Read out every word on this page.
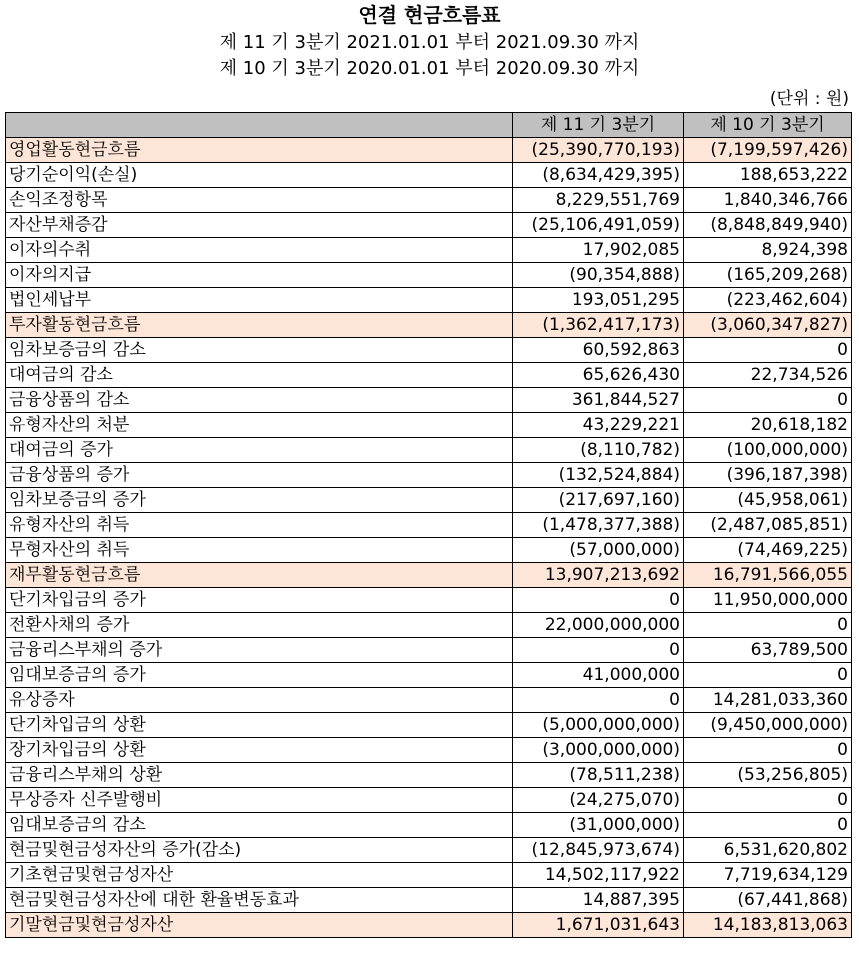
연결 현금흐름표
제 11 기 3분기 2021.01.01 부터 2021.09.30 까지
제 10 기 3분기 2020.01.01 부터 2020.09.30 까지
(단위 : 원)
	제 11 기 3분기	제 10 기 3분기
영업활동현금흐름	(25,390,770,193)	(7,199,597,426)
당기순이익(손실)	(8,634,429,395)	188,653,222
손익조정항목	8,229,551,769	1,840,346,766
자산부채증감	(25,106,491,059)	(8,848,849,940)
이자의수취	17,902,085	8,924,398
이자의지급	(90,354,888)	(165,209,268)
법인세납부	193,051,295	(223,462,604)
투자활동현금흐름	(1,362,417,173)	(3,060,347,827)
임차보증금의 감소	60,592,863	0
대여금의 감소	65,626,430	22,734,526
금융상품의 감소	361,844,527	0
유형자산의 처분	43,229,221	20,618,182
대여금의 증가	(8,110,782)	(100,000,000)
금융상품의 증가	(132,524,884)	(396,187,398)
임차보증금의 증가	(217,697,160)	(45,958,061)
유형자산의 취득	(1,478,377,388)	(2,487,085,851)
무형자산의 취득	(57,000,000)	(74,469,225)
재무활동현금흐름	13,907,213,692	16,791,566,055
단기차입금의 증가	0	11,950,000,000
전환사채의 증가	22,000,000,000	0
금융리스부채의 증가	0	63,789,500
임대보증금의 증가	41,000,000	0
유상증자	0	14,281,033,360
단기차입금의 상환	(5,000,000,000)	(9,450,000,000)
장기차입금의 상환	(3,000,000,000)	0
금융리스부채의 상환	(78,511,238)	(53,256,805)
무상증자 신주발행비	(24,275,070)	0
임대보증금의 감소	(31,000,000)	0
현금및현금성자산의 증가(감소)	(12,845,973,674)	6,531,620,802
기초현금및현금성자산	14,502,117,922	7,719,634,129
현금및현금성자산에 대한 환율변동효과	14,887,395	(67,441,868)
기말현금및현금성자산	1,671,031,643	14,183,813,063
